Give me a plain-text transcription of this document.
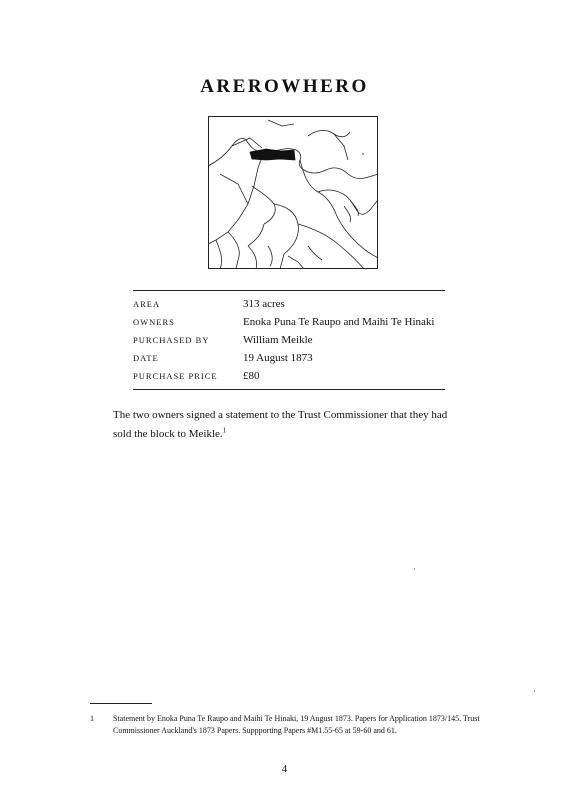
AREROWHERO
AREA	313 acres
OWNERS	Enoka Puna Te Raupo and Maihi Te Hinaki
PURCHASED BY	William Meikle
DATE	19 August 1873
PURCHASE PRICE	£80
The two owners signed a statement to the Trust Commissioner that they had sold the block to Meikle.$^1$
1	Statement by Enoka Puna Te Raupo and Maihi Te Hinaki, 19 August 1873. Papers for Application 1873/145. Trust Commissioner Auckland's 1873 Papers. Suppporting Papers #M1.55-65 at 59-60 and 61.
4
